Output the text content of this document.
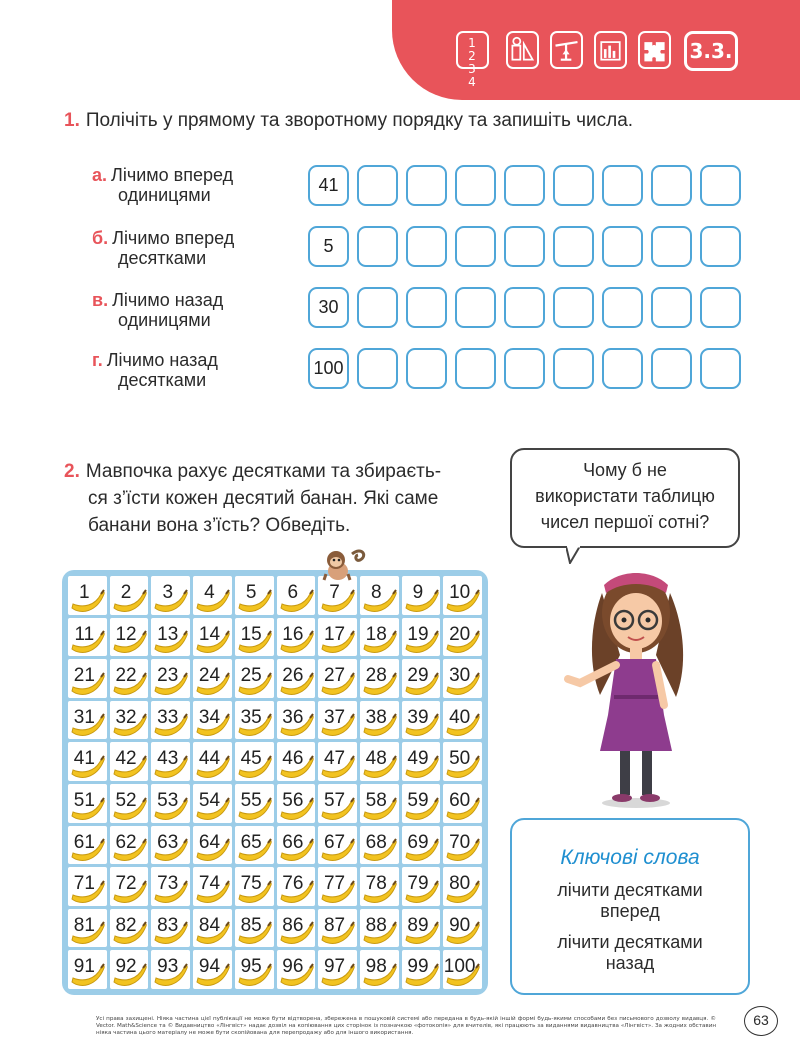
1 2
3 4
3.3.
1. Полічіть у прямому та зворотному порядку та запишіть числа.
а. Лічимо вперед
одиницями	41
б. Лічимо вперед
десятками
5
в. Лічимо назад
одиницями
30
г. Лічимо назад
десятками
100
2. Мавпочка рахує десятками та збираєть-
ся з’їсти кожен десятий банан. Які саме
банани вона з’їсть? Обведіть.
Чому б не
використати таблицю
чисел першої сотні?
1	2	3	4	5	6	7	8	9	10
11	12	13	14	15	16	17	18	19	20
21	22	23	24	25	26	27	28	29	30
31	32	33	34	35	36	37	38	39	40
41	42	43	44	45	46	47	48	49	50
51	52	53	54	55	56	57	58	59	60
61	62	63	64	65	66	67	68	69	70
71	72	73	74	75	76	77	78	79	80
81	82	83	84	85	86	87	88	89	90
91	92	93	94	95	96	97	98	99 100
Ключові слова
лічити десятками
вперед
лічити десятками
назад
Усі права захищені. Ніяка частина цієї публікації не може бути відтворена, збережена в пошуковій системі або передана в будь-якій іншій формі будь-якими способами без письмового дозволу видавця. © Vector. Math&Science та © Видавництво «Лінгвіст» надає дозвіл на копіювання цих сторінок із позначкою «фотокопія» для вчителів, які працюють за виданнями видавництва «Лінгвіст». За жодних обставин ніяка частина цього матеріалу не може бути скопійована для перепродажу або для іншого використання.
63
